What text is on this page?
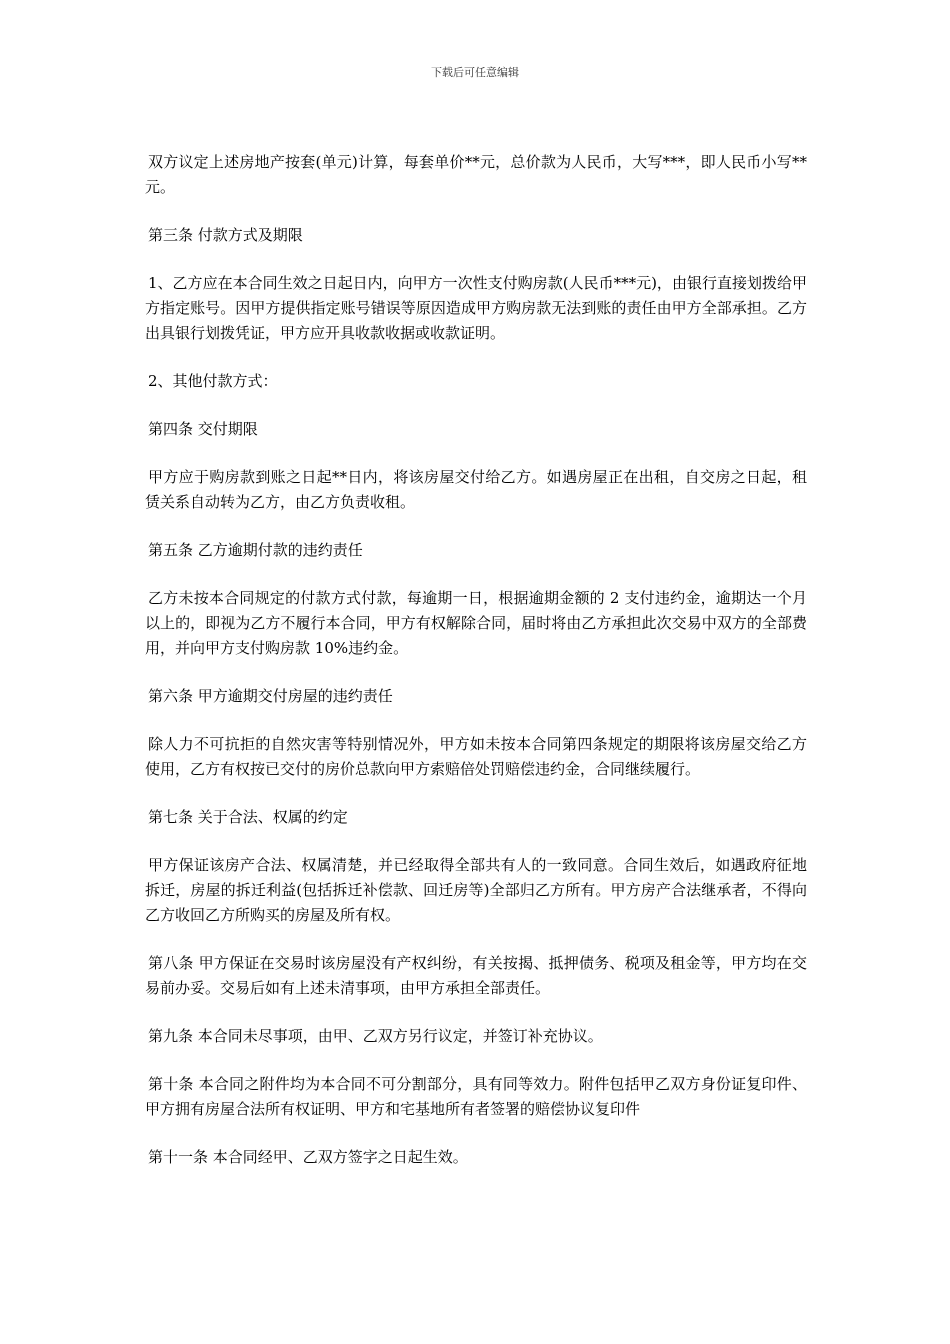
下载后可任意编辑

双方议定上述房地产按套(单元)计算，每套单价**元，总价款为人民币，大写***，即人民币小写**元。

第三条 付款方式及期限

1、乙方应在本合同生效之日起日内，向甲方一次性支付购房款(人民币***元)，由银行直接划拨给甲方指定账号。因甲方提供指定账号错误等原因造成甲方购房款无法到账的责任由甲方全部承担。乙方出具银行划拨凭证，甲方应开具收款收据或收款证明。

2、其他付款方式：

第四条 交付期限

甲方应于购房款到账之日起**日内，将该房屋交付给乙方。如遇房屋正在出租，自交房之日起，租赁关系自动转为乙方，由乙方负责收租。

第五条 乙方逾期付款的违约责任

乙方未按本合同规定的付款方式付款，每逾期一日，根据逾期金额的 2 支付违约金，逾期达一个月以上的，即视为乙方不履行本合同，甲方有权解除合同，届时将由乙方承担此次交易中双方的全部费用，并向甲方支付购房款 10%违约金。

第六条 甲方逾期交付房屋的违约责任

除人力不可抗拒的自然灾害等特别情况外，甲方如未按本合同第四条规定的期限将该房屋交给乙方使用，乙方有权按已交付的房价总款向甲方索赔倍处罚赔偿违约金，合同继续履行。

第七条 关于合法、权属的约定

甲方保证该房产合法、权属清楚，并已经取得全部共有人的一致同意。合同生效后，如遇政府征地拆迁，房屋的拆迁利益(包括拆迁补偿款、回迁房等)全部归乙方所有。甲方房产合法继承者，不得向乙方收回乙方所购买的房屋及所有权。

第八条 甲方保证在交易时该房屋没有产权纠纷，有关按揭、抵押债务、税项及租金等，甲方均在交易前办妥。交易后如有上述未清事项，由甲方承担全部责任。

第九条 本合同未尽事项，由甲、乙双方另行议定，并签订补充协议。

第十条 本合同之附件均为本合同不可分割部分，具有同等效力。附件包括甲乙双方身份证复印件、甲方拥有房屋合法所有权证明、甲方和宅基地所有者签署的赔偿协议复印件

第十一条 本合同经甲、乙双方签字之日起生效。
